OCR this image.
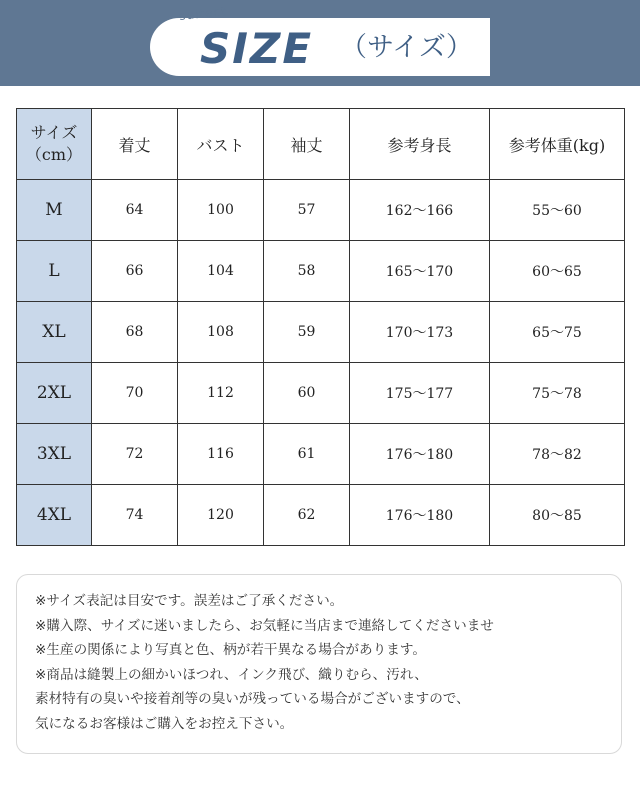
suitect
SIZE （サイズ）
サイズ
（cm）	着丈	バスト	袖丈	参考身長	参考体重(kg)
M	64	100	57	162～166	55～60
L	66	104	58	165～170	60～65
XL	68	108	59	170～173	65～75
2XL	70	112	60	175～177	75～78
3XL	72	116	61	176～180	78～82
4XL	74	120	62	176～180	80～85

※サイズ表記は目安です。誤差はご了承ください。

※購入際、サイズに迷いましたら、お気軽に当店まで連絡してくださいませ

※生産の関係により写真と色、柄が若干異なる場合があります。

※商品は縫製上の細かいほつれ、インク飛び、織りむら、汚れ、

素材特有の臭いや接着剤等の臭いが残っている場合がございますので、

気になるお客様はご購入をお控え下さい。
